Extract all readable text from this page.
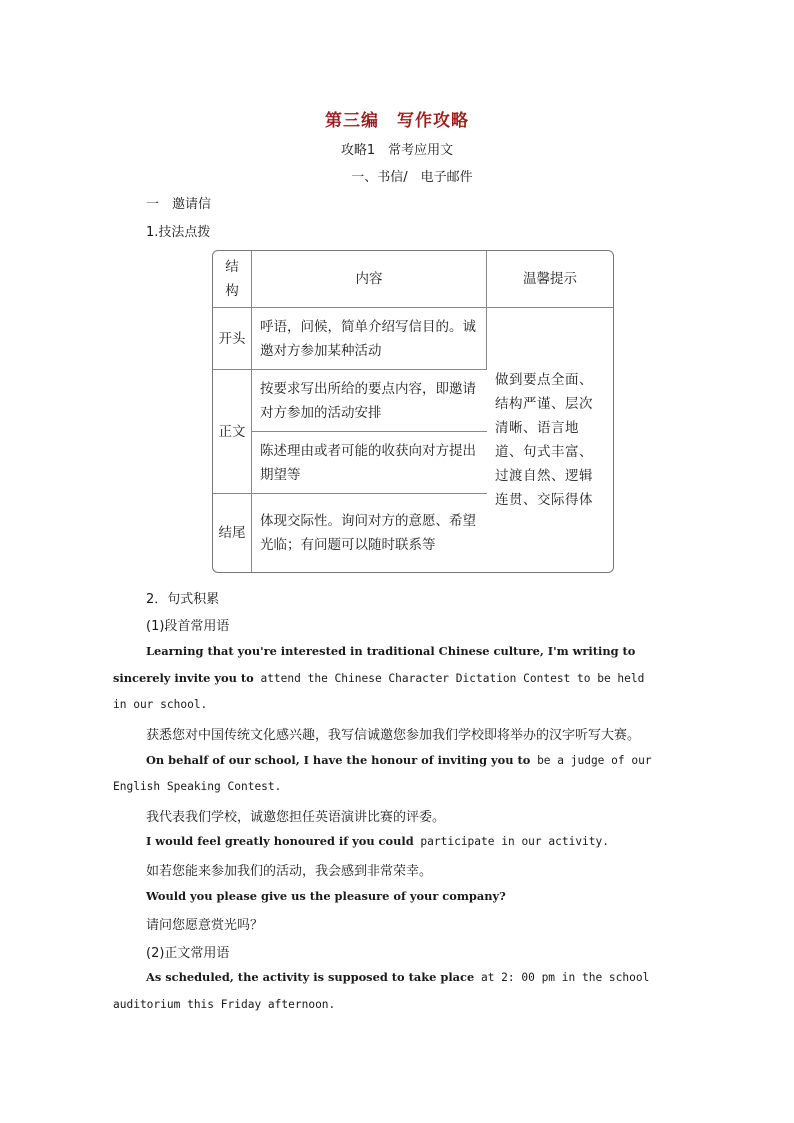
第三编　写作攻略
攻略1　常考应用文
一、书信/　电子邮件
一　邀请信
1.技法点拨
结构	内容	温馨提示
开头	呼语，问候，简单介绍写信目的。诚邀对方参加某种活动	做到要点全面、结构严谨、层次清晰、语言地道、句式丰富、过渡自然、逻辑连贯、交际得体
正文	按要求写出所给的要点内容，即邀请对方参加的活动安排	
	陈述理由或者可能的收获向对方提出期望等	
结尾	体现交际性。询问对方的意愿、希望光临；有问题可以随时联系等	
2．句式积累
(1)段首常用语
Learning that you're interested in traditional Chinese culture, I'm writing to
sincerely invite you to attend the Chinese Character Dictation Contest to be held
in our school.
获悉您对中国传统文化感兴趣，我写信诚邀您参加我们学校即将举办的汉字听写大赛。
On behalf of our school, I have the honour of inviting you to be a judge of our
English Speaking Contest.
我代表我们学校，诚邀您担任英语演讲比赛的评委。
I would feel greatly honoured if you could participate in our activity.
如若您能来参加我们的活动，我会感到非常荣幸。
Would you please give us the pleasure of your company?
请问您愿意赏光吗？
(2)正文常用语
As scheduled, the activity is supposed to take place at 2: 00 pm in the school
auditorium this Friday afternoon.
